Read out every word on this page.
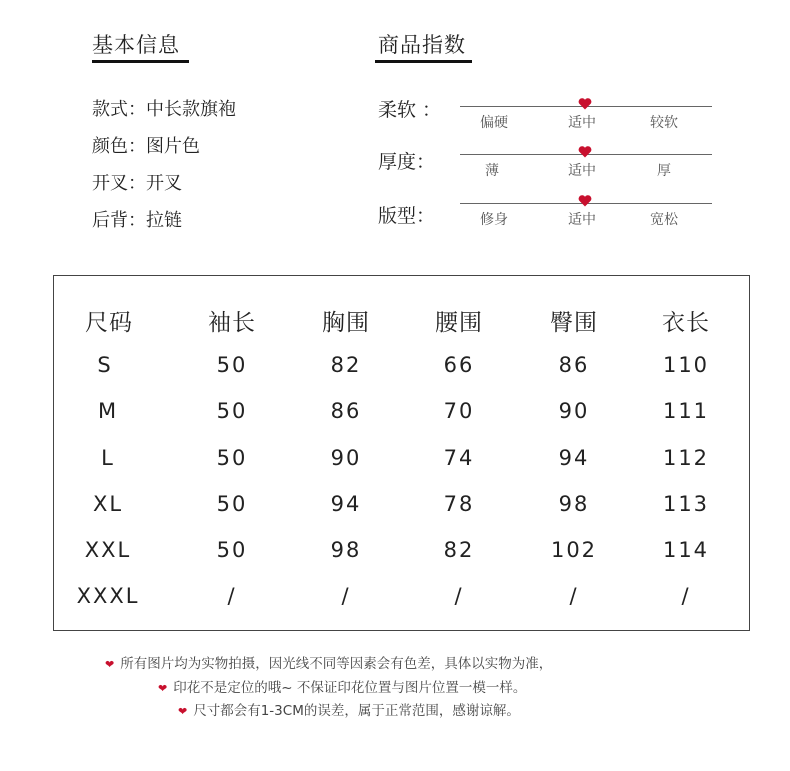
基本信息
款式：中长款旗袍
颜色：图片色
开叉：开叉
后背：拉链
商品指数
柔软 ：
偏硬	适中	较软
厚度：	薄	适中	厚
版型：	修身	适中	宽松
尺码	袖长	胸围	腰围	臀围	衣长
S	50	82	66	86	110
M	50	86	70	90	111
L	50	90	74	94	112
XL	50	94	78	98	113
XXL	50	98	82	102	114
XXXL	/	/	/	/	/
❤ 所有图片均为实物拍摄，因光线不同等因素会有色差，具体以实物为准，
❤ 印花不是定位的哦~ 不保证印花位置与图片位置一模一样。
❤ 尺寸都会有1-3CM的误差，属于正常范围，感谢谅解。
